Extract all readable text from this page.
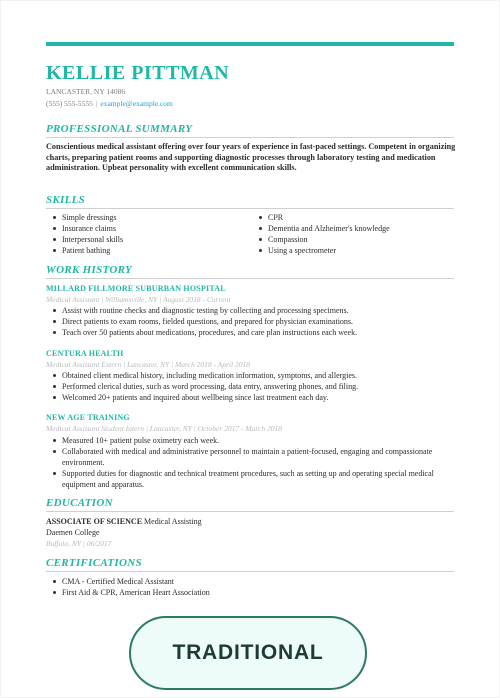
KELLIE PITTMAN
LANCASTER, NY 14086
(555) 555-5555 | example@example.com
PROFESSIONAL SUMMARY
Conscientious medical assistant offering over four years of experience in fast-paced settings. Competent in organizing charts, preparing patient rooms and supporting diagnostic processes through laboratory testing and medication administration. Upbeat personality with excellent communication skills.
SKILLS
Simple dressings
Insurance claims
Interpersonal skills
Patient bathing
CPR
Dementia and Alzheimer's knowledge
Compassion
Using a spectrometer
WORK HISTORY
MILLARD FILLMORE SUBURBAN HOSPITAL
Medical Assistant | Williamsville, NY | August 2018 - Current
Assist with routine checks and diagnostic testing by collecting and processing specimens.
Direct patients to exam rooms, fielded questions, and prepared for physician examinations.
Teach over 50 patients about medications, procedures, and care plan instructions each week.
CENTURA HEALTH
Medical Assistant Extern | Lancaster, NY | March 2018 - April 2018
Obtained client medical history, including medication information, symptoms, and allergies.
Performed clerical duties, such as word processing, data entry, answering phones, and filing.
Welcomed 20+ patients and inquired about wellbeing since last treatment each day.
NEW AGE TRAINING
Medical Assistant Student Intern | Lancaster, NY | October 2017 - March 2018
Measured 10+ patient pulse oximetry each week.
Collaborated with medical and administrative personnel to maintain a patient-focused, engaging and compassionate environment.
Supported duties for diagnostic and technical treatment procedures, such as setting up and operating special medical equipment and apparatus.
EDUCATION
ASSOCIATE OF SCIENCE Medical Assisting
Daemen College
Buffalo, NY | 06/2017
CERTIFICATIONS
CMA - Certified Medical Assistant
First Aid & CPR, American Heart Association
TRADITIONAL
